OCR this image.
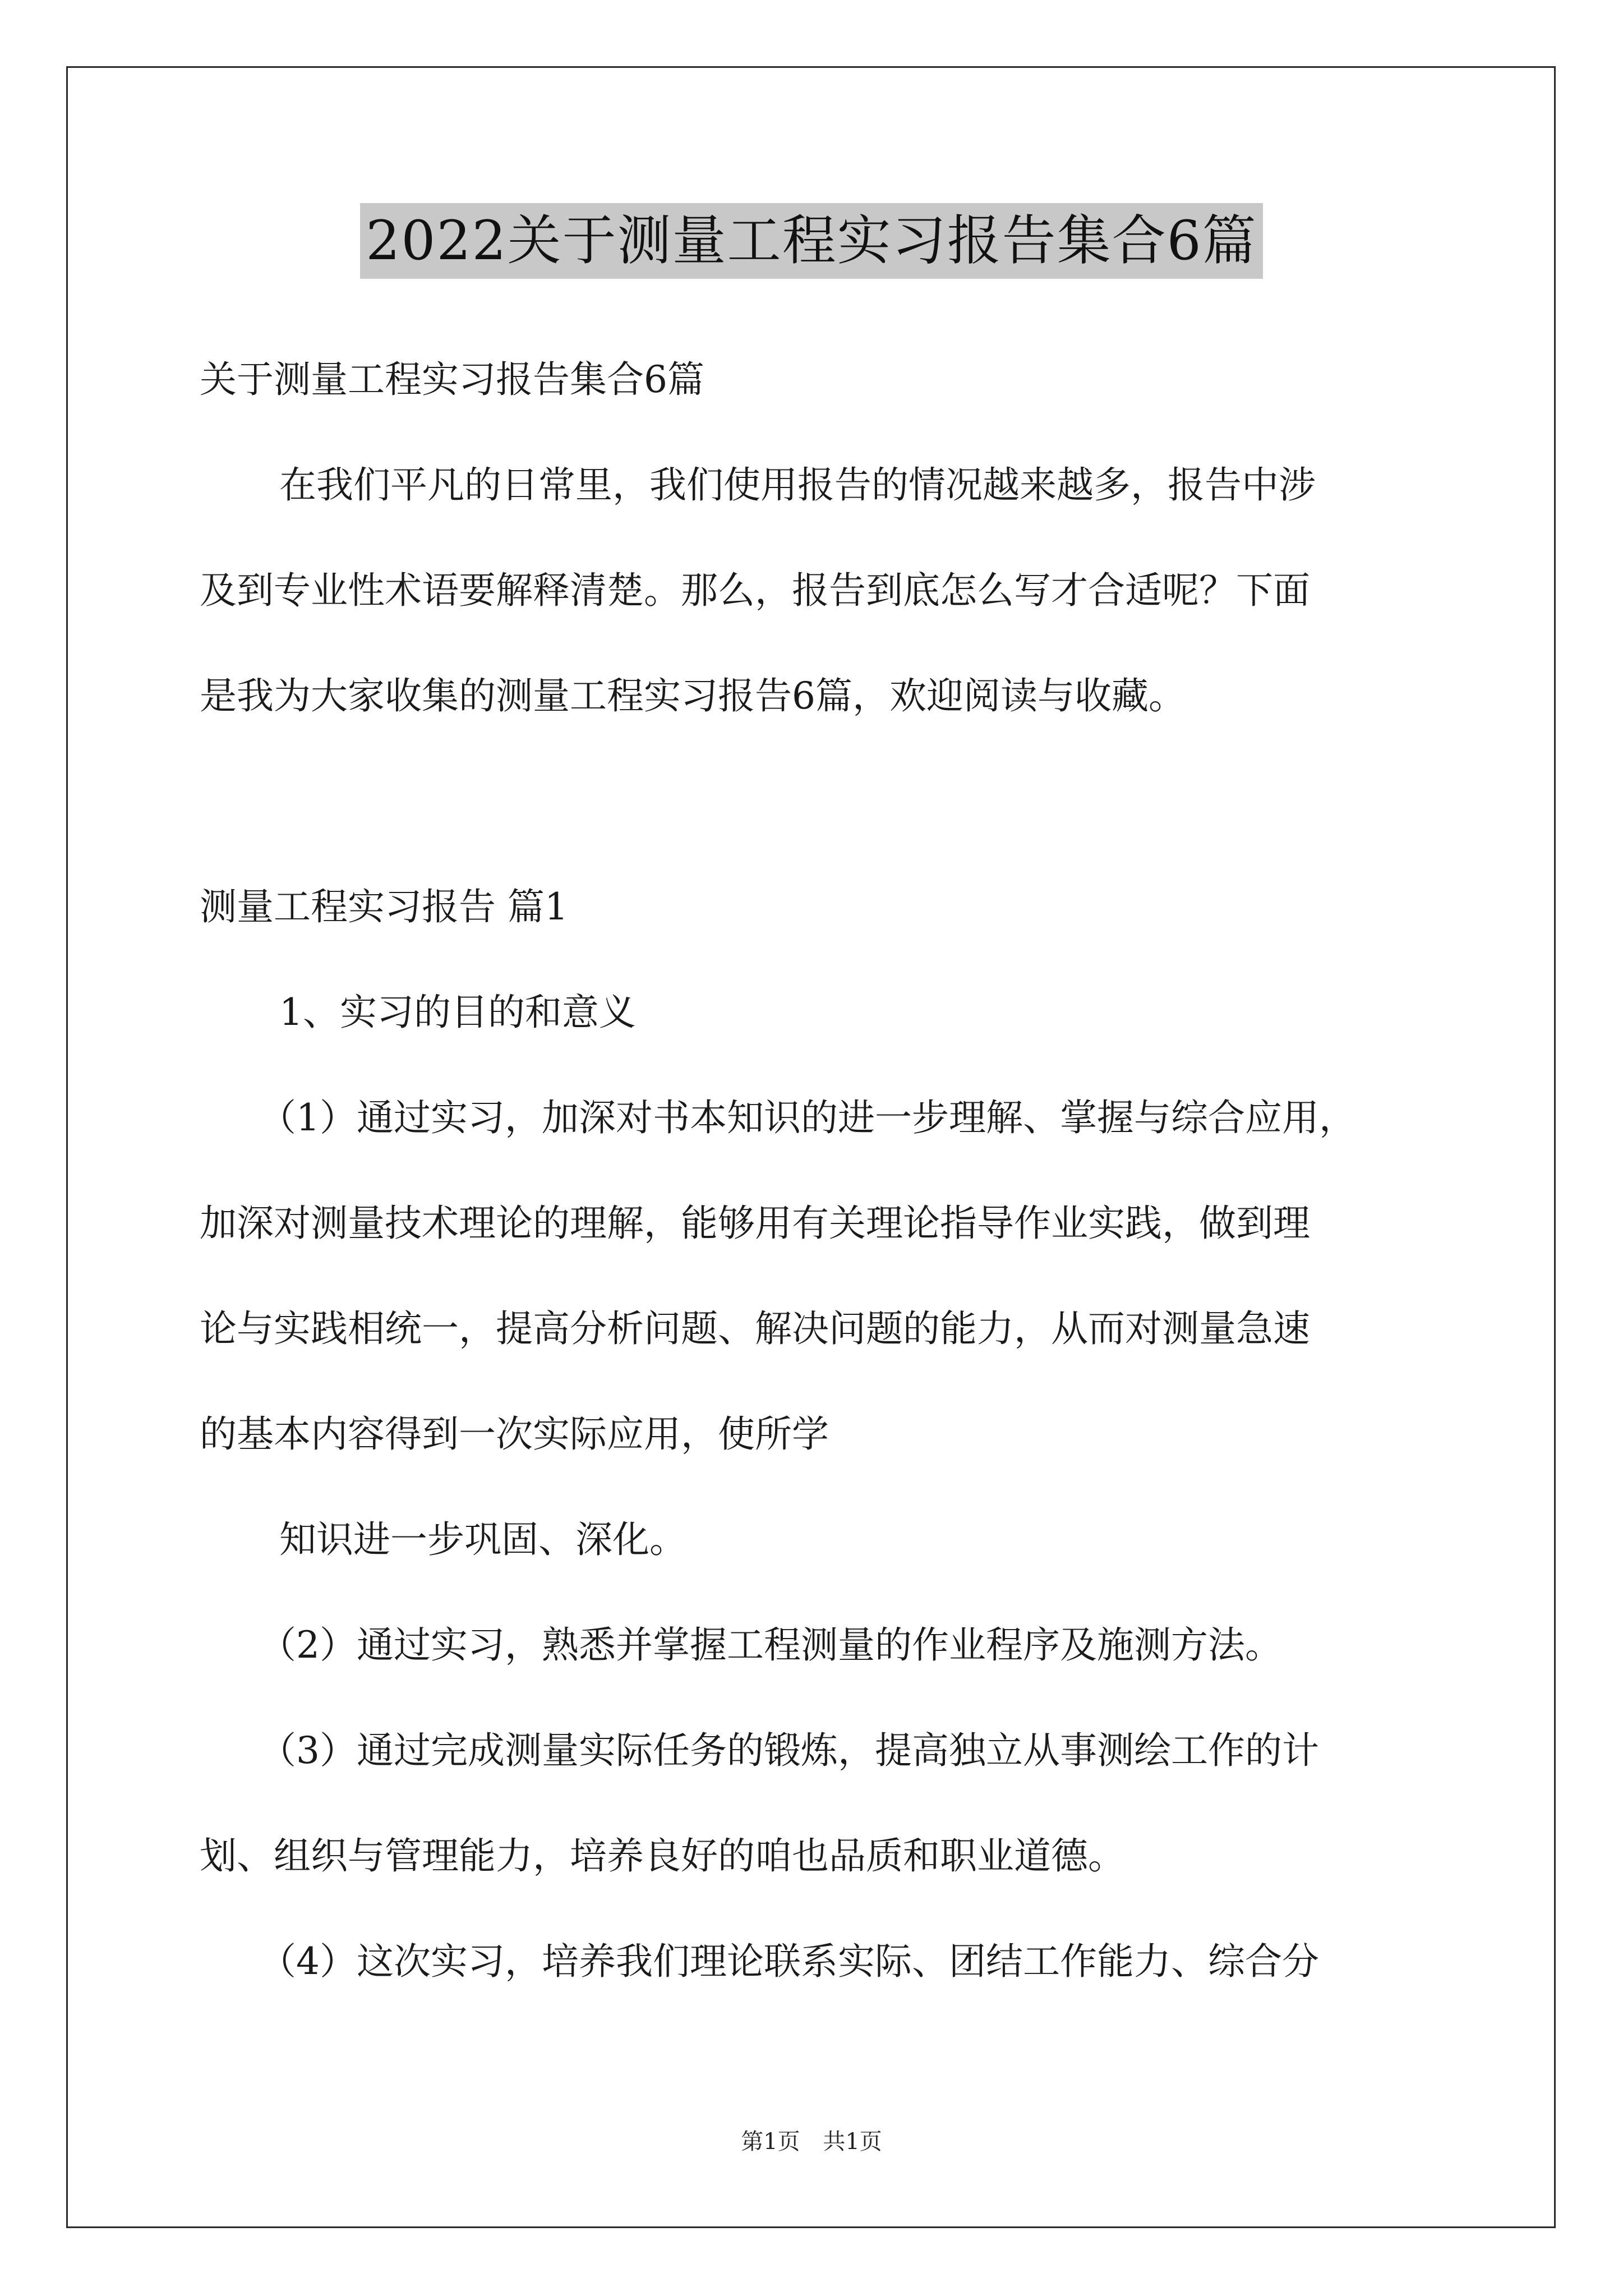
2022关于测量工程实习报告集合6篇
关于测量工程实习报告集合6篇
在我们平凡的日常里，我们使用报告的情况越来越多，报告中涉
及到专业性术语要解释清楚。那么，报告到底怎么写才合适呢？下面
是我为大家收集的测量工程实习报告6篇，欢迎阅读与收藏。
测量工程实习报告 篇1
1、实习的目的和意义
（1）通过实习，加深对书本知识的进一步理解、掌握与综合应用，
加深对测量技术理论的理解，能够用有关理论指导作业实践，做到理
论与实践相统一，提高分析问题、解决问题的能力，从而对测量急速
的基本内容得到一次实际应用，使所学
知识进一步巩固、深化。
（2）通过实习，熟悉并掌握工程测量的作业程序及施测方法。
（3）通过完成测量实际任务的锻炼，提高独立从事测绘工作的计
划、组织与管理能力，培养良好的咱也品质和职业道德。
（4）这次实习，培养我们理论联系实际、团结工作能力、综合分
第1页 共1页
